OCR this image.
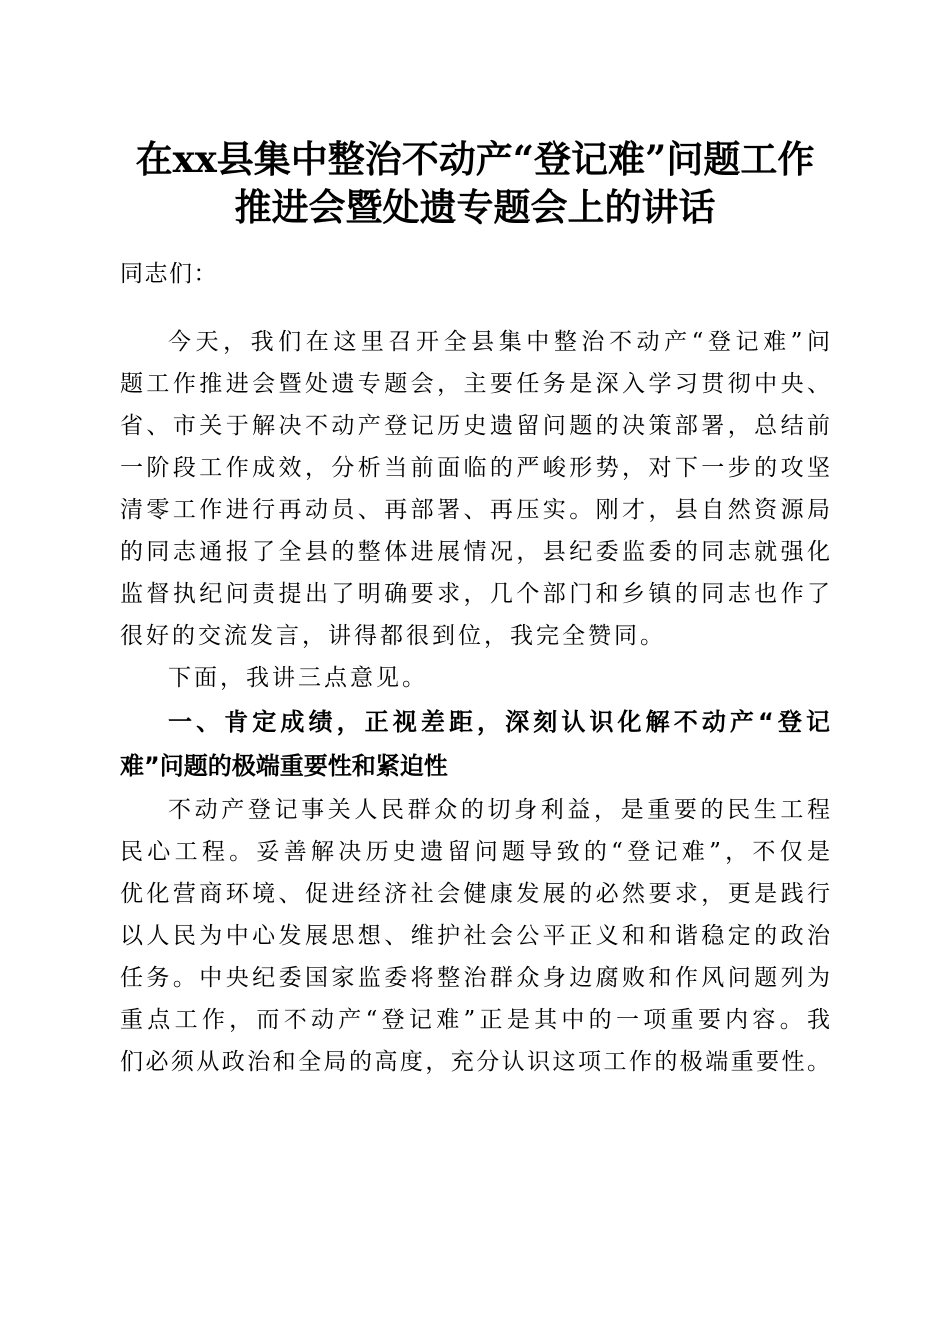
在xx县集中整治不动产“登记难”问题工作
推进会暨处遗专题会上的讲话

同志们：

今天，我们在这里召开全县集中整治不动产“登记难”问

题工作推进会暨处遗专题会，主要任务是深入学习贯彻中央、

省、市关于解决不动产登记历史遗留问题的决策部署，总结前

一阶段工作成效，分析当前面临的严峻形势，对下一步的攻坚

清零工作进行再动员、再部署、再压实。刚才，县自然资源局

的同志通报了全县的整体进展情况，县纪委监委的同志就强化

监督执纪问责提出了明确要求，几个部门和乡镇的同志也作了

很好的交流发言，讲得都很到位，我完全赞同。

下面，我讲三点意见。

一、肯定成绩，正视差距，深刻认识化解不动产“登记

难”问题的极端重要性和紧迫性

不动产登记事关人民群众的切身利益，是重要的民生工程

民心工程。妥善解决历史遗留问题导致的“登记难”，不仅是

优化营商环境、促进经济社会健康发展的必然要求，更是践行

以人民为中心发展思想、维护社会公平正义和和谐稳定的政治

任务。中央纪委国家监委将整治群众身边腐败和作风问题列为

重点工作，而不动产“登记难”正是其中的一项重要内容。我

们必须从政治和全局的高度，充分认识这项工作的极端重要性。
